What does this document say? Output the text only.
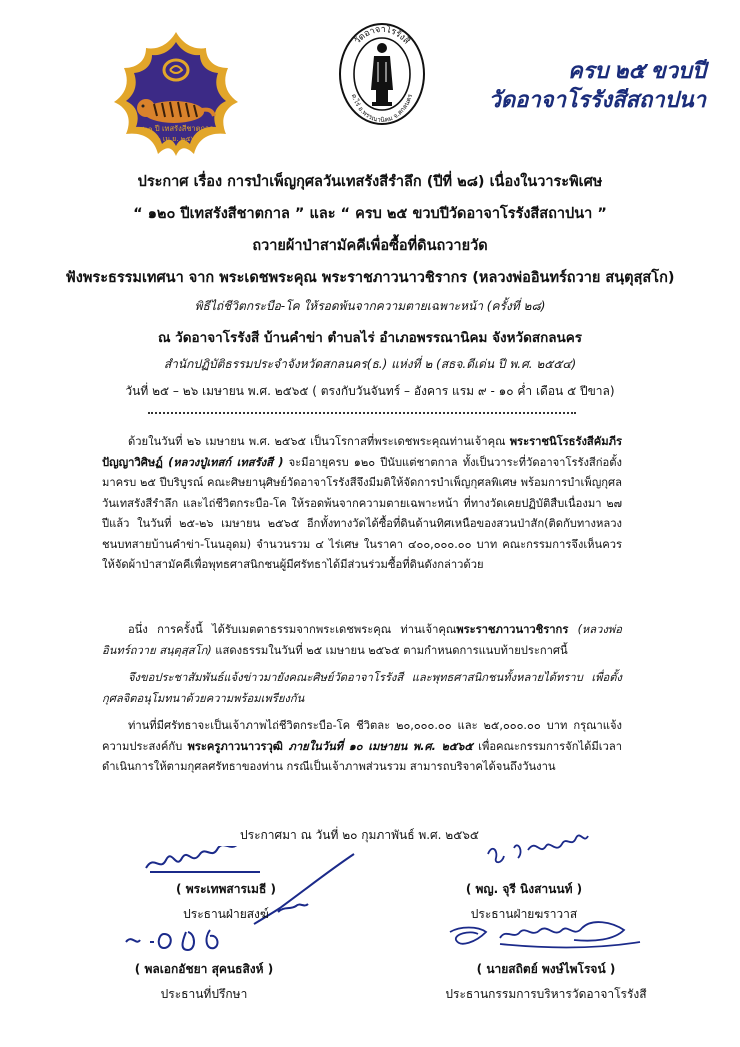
๑๒๐ ปี เทสรังสีชาตกาล
๒๖ เม.ย. ๒๕๖๕
วัดอาจาโรรังสี
ต.ไร่ อ.พรรณานิคม จ.สกลนคร
ครบ ๒๕ ขวบปี
วัดอาจาโรรังสีสถาปนา
ประกาศ เรื่อง การบำเพ็ญกุศลวันเทสรังสีรำลึก (ปีที่ ๒๘) เนื่องในวาระพิเศษ
“ ๑๒๐ ปีเทสรังสีชาตกาล ” และ “ ครบ ๒๕ ขวบปีวัดอาจาโรรังสีสถาปนา ”
ถวายผ้าป่าสามัคคีเพื่อซื้อที่ดินถวายวัด
ฟังพระธรรมเทศนา จาก พระเดชพระคุณ พระราชภาวนาวชิรากร (หลวงพ่ออินทร์ถวาย สนฺตุสฺสโก)
พิธีไถ่ชีวิตกระบือ-โค ให้รอดพ้นจากความตายเฉพาะหน้า (ครั้งที่ ๒๘)
ณ วัดอาจาโรรังสี บ้านคำข่า ตำบลไร่ อำเภอพรรณานิคม จังหวัดสกลนคร
สำนักปฏิบัติธรรมประจำจังหวัดสกลนคร(ธ.) แห่งที่ ๒ (สธจ.ดีเด่น ปี พ.ศ. ๒๕๕๔)
วันที่ ๒๕ – ๒๖ เมษายน พ.ศ. ๒๕๖๕ ( ตรงกับวันจันทร์ – อังคาร แรม ๙ - ๑๐ ค่ำ เดือน ๕ ปีขาล)

ด้วยในวันที่ ๒๖ เมษายน พ.ศ. ๒๕๖๕ เป็นวโรกาสที่พระเดชพระคุณท่านเจ้าคุณ พระราชนิโรธรังสีคัมภีรปัญญาวิศิษฏ์ (หลวงปู่เทสก์ เทสรังสี ) จะมีอายุครบ ๑๒๐ ปีนับแต่ชาตกาล ทั้งเป็นวาระที่วัดอาจาโรรังสีก่อตั้งมาครบ ๒๕ ปีบริบูรณ์ คณะศิษยานุศิษย์วัดอาจาโรรังสีจึงมีมติให้จัดการบำเพ็ญกุศลพิเศษ พร้อมการบำเพ็ญกุศลวันเทสรังสีรำลึก และไถ่ชีวิตกระบือ-โค ให้รอดพ้นจากความตายเฉพาะหน้า ที่ทางวัดเคยปฏิบัติสืบเนื่องมา ๒๗ ปีแล้ว ในวันที่ ๒๕-๒๖ เมษายน ๒๕๖๕ อีกทั้งทางวัดได้ซื้อที่ดินด้านทิศเหนือของสวนป่าสัก(ติดกับทางหลวงชนบทสายบ้านคำข่า-โนนอุดม) จำนวนรวม ๔ ไร่เศษ ในราคา ๔๐๐,๐๐๐.๐๐ บาท คณะกรรมการจึงเห็นควรให้จัดผ้าป่าสามัคคีเพื่อพุทธศาสนิกชนผู้มีศรัทธาได้มีส่วนร่วมซื้อที่ดินดังกล่าวด้วย

อนึ่ง การครั้งนี้ ได้รับเมตตาธรรมจากพระเดชพระคุณ ท่านเจ้าคุณพระราชภาวนาวชิรากร (หลวงพ่ออินทร์ถวาย สนฺตุสฺสโก) แสดงธรรมในวันที่ ๒๕ เมษายน ๒๕๖๕ ตามกำหนดการแนบท้ายประกาศนี้

จึงขอประชาสัมพันธ์แจ้งข่าวมายังคณะศิษย์วัดอาจาโรรังสี และพุทธศาสนิกชนทั้งหลายได้ทราบ เพื่อตั้งกุศลจิตอนุโมทนาด้วยความพร้อมเพรียงกัน

ท่านที่มีศรัทธาจะเป็นเจ้าภาพไถ่ชีวิตกระบือ-โค ชีวิตละ ๒๐,๐๐๐.๐๐ และ ๒๕,๐๐๐.๐๐ บาท กรุณาแจ้งความประสงค์กับ พระครูภาวนาวรวุฒิ ภายในวันที่ ๑๐ เมษายน พ.ศ. ๒๕๖๕ เพื่อคณะกรรมการจักได้มีเวลาดำเนินการให้ตามกุศลศรัทธาของท่าน กรณีเป็นเจ้าภาพส่วนรวม สามารถบริจาคได้จนถึงวันงาน

ประกาศมา ณ วันที่ ๒๐ กุมภาพันธ์ พ.ศ. ๒๕๖๕
( พระเทพสารเมธี )
ประธานฝ่ายสงฆ์
( พญ. จุรี นิงสานนท์ )
ประธานฝ่ายฆราวาส
( พลเอกอัชยา สุคนธสิงห์ )
ประธานที่ปรึกษา
( นายสถิตย์ พงษ์ไพโรจน์ )
ประธานกรรมการบริหารวัดอาจาโรรังสี
